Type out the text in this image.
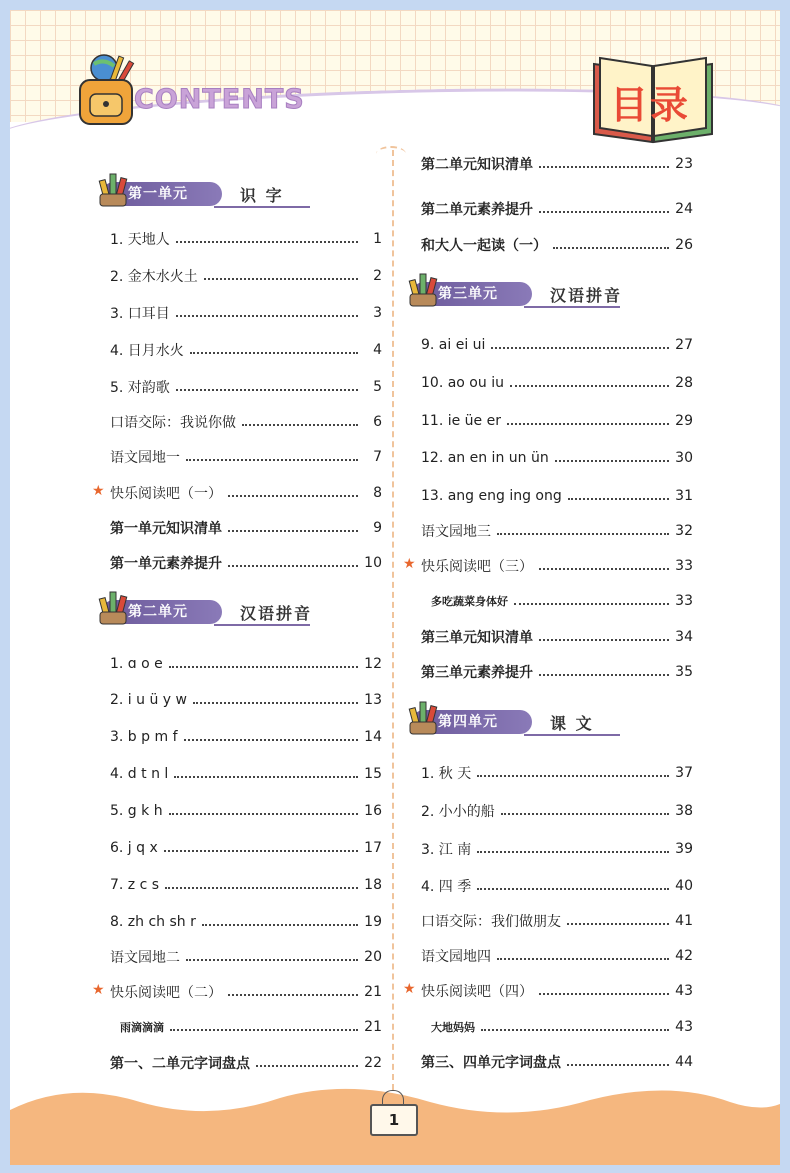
CONTENTS	目录
1
第一单元	识 字
1. 天地人	1
2. 金木水火土	2
3. 口耳目	3
4. 日月水火	4
5. 对韵歌	5
口语交际：我说你做	6
语文园地一	7
快乐阅读吧（一）	8
★
第一单元知识清单	9
第一单元素养提升	10
第二单元	汉语拼音
1. ɑ o e	12
2. i u ü y w	13
3. b p m f	14
4. d t n l	15
5. g k h	16
6. j q x	17
7. z c s	18
8. zh ch sh r	19
语文园地二	20
快乐阅读吧（二）	21
★
雨滴滴滴	21
第一、二单元字词盘点	22
第二单元知识清单	23
第二单元素养提升	24
和大人一起读（一）	26
第三单元	汉语拼音
9. ai ei ui	27
10. ao ou iu	28
11. ie üe er	29
12. an en in un ün	30
13. ang eng ing ong	31
语文园地三	32
快乐阅读吧（三）	33
★
多吃蔬菜身体好	33
第三单元知识清单	34
第三单元素养提升	35
第四单元	课 文
1. 秋 天	37
2. 小小的船	38
3. 江 南	39
4. 四 季	40
口语交际：我们做朋友	41
语文园地四	42
快乐阅读吧（四）	43
★
大地妈妈	43
第三、四单元字词盘点	44
